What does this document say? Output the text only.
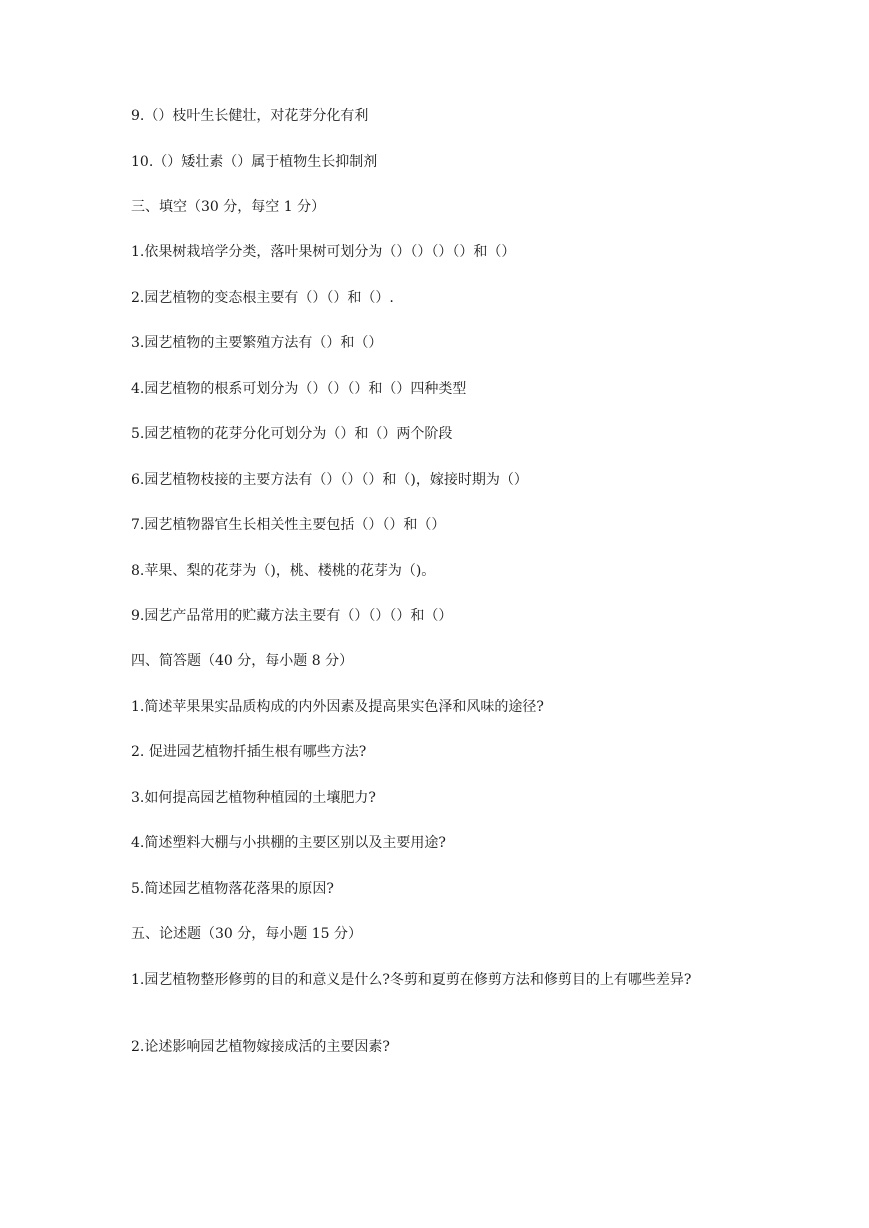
9.（）枝叶生长健壮，对花芽分化有利
10.（）矮壮素（）属于植物生长抑制剂
三、填空（30 分，每空 1 分）
1.依果树栽培学分类，落叶果树可划分为（）（）（）（）和（）
2.园艺植物的变态根主要有（）（）和（）.
3.园艺植物的主要繁殖方法有（）和（）
4.园艺植物的根系可划分为（）（）（）和（）四种类型
5.园艺植物的花芽分化可划分为（）和（）两个阶段
6.园艺植物枝接的主要方法有（）（）（）和（)，嫁接时期为（）
7.园艺植物器官生长相关性主要包括（）（）和（）
8.苹果、梨的花芽为（)，桃、楼桃的花芽为（)。
9.园艺产品常用的贮藏方法主要有（）（）（）和（）
四、简答题（40 分，每小题 8 分）
1.简述苹果果实品质构成的内外因素及提高果实色泽和风味的途径?
2. 促进园艺植物扦插生根有哪些方法?
3.如何提高园艺植物种植园的土壤肥力?
4.简述塑料大棚与小拱棚的主要区别以及主要用途?
5.简述园艺植物落花落果的原因?
五、论述题（30 分，每小题 15 分）
1.园艺植物整形修剪的目的和意义是什么?冬剪和夏剪在修剪方法和修剪目的上有哪些差异?
2.论述影响园艺植物嫁接成活的主要因素?
